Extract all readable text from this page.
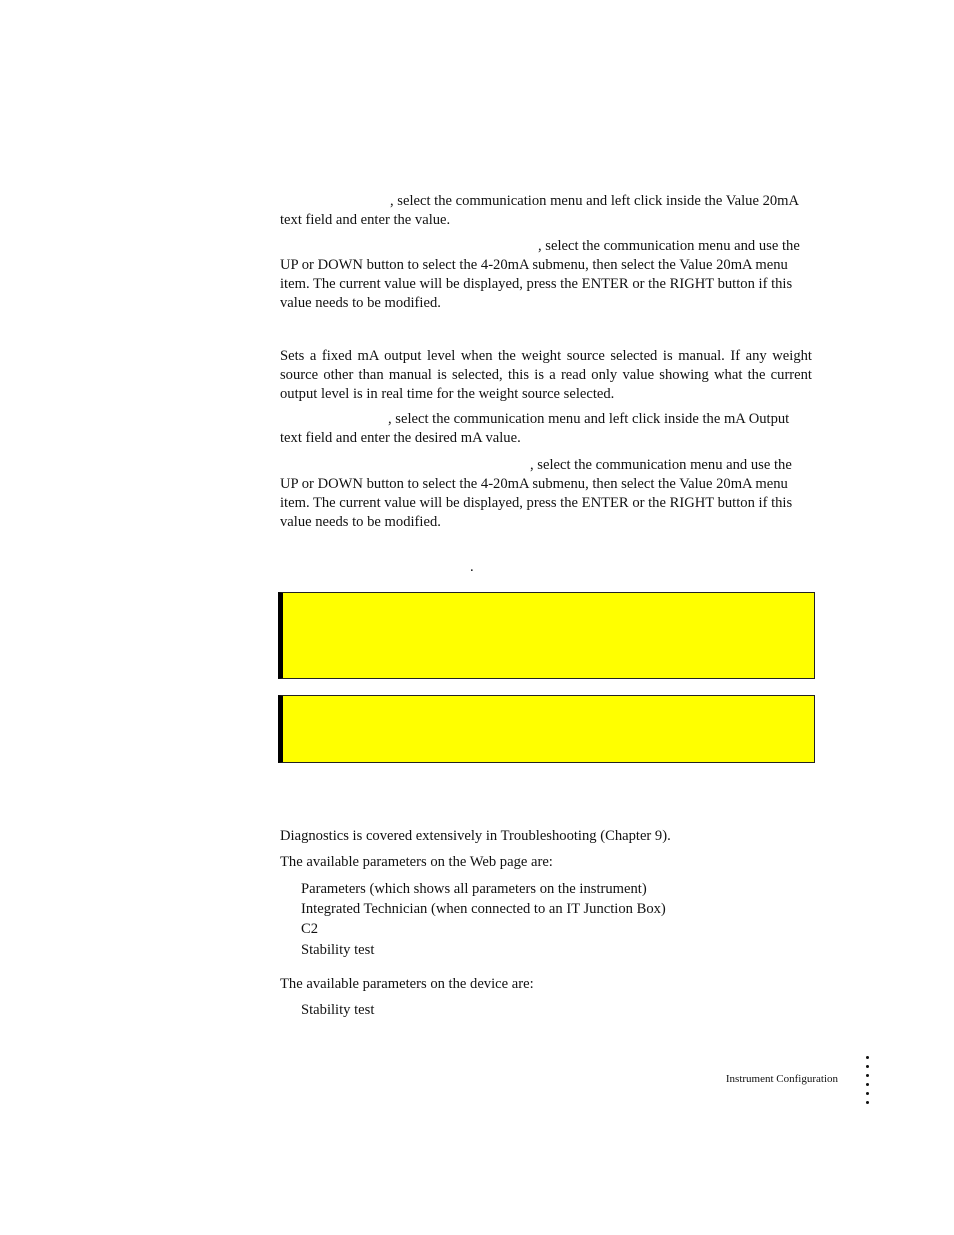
, select the communication menu and left click inside the Value 20mA text field and enter the value.

, select the communication menu and use the UP or DOWN button to select the 4-20mA submenu, then select the Value 20mA menu item. The current value will be displayed, press the ENTER or the RIGHT button if this value needs to be modified.

Sets a fixed mA output level when the weight source selected is manual. If any weight source other than manual is selected, this is a read only value showing what the current output level is in real time for the weight source selected.

, select the communication menu and left click inside the mA Output text field and enter the desired mA value.

, select the communication menu and use the UP or DOWN button to select the 4-20mA submenu, then select the Value 20mA menu item. The current value will be displayed, press the ENTER or the RIGHT button if this value needs to be modified.

.
Diagnostics is covered extensively in Troubleshooting (Chapter 9).
The available parameters on the Web page are:
Parameters (which shows all parameters on the instrument)
Integrated Technician (when connected to an IT Junction Box)
C2
Stability test
The available parameters on the device are:
Stability test
Instrument Configuration
